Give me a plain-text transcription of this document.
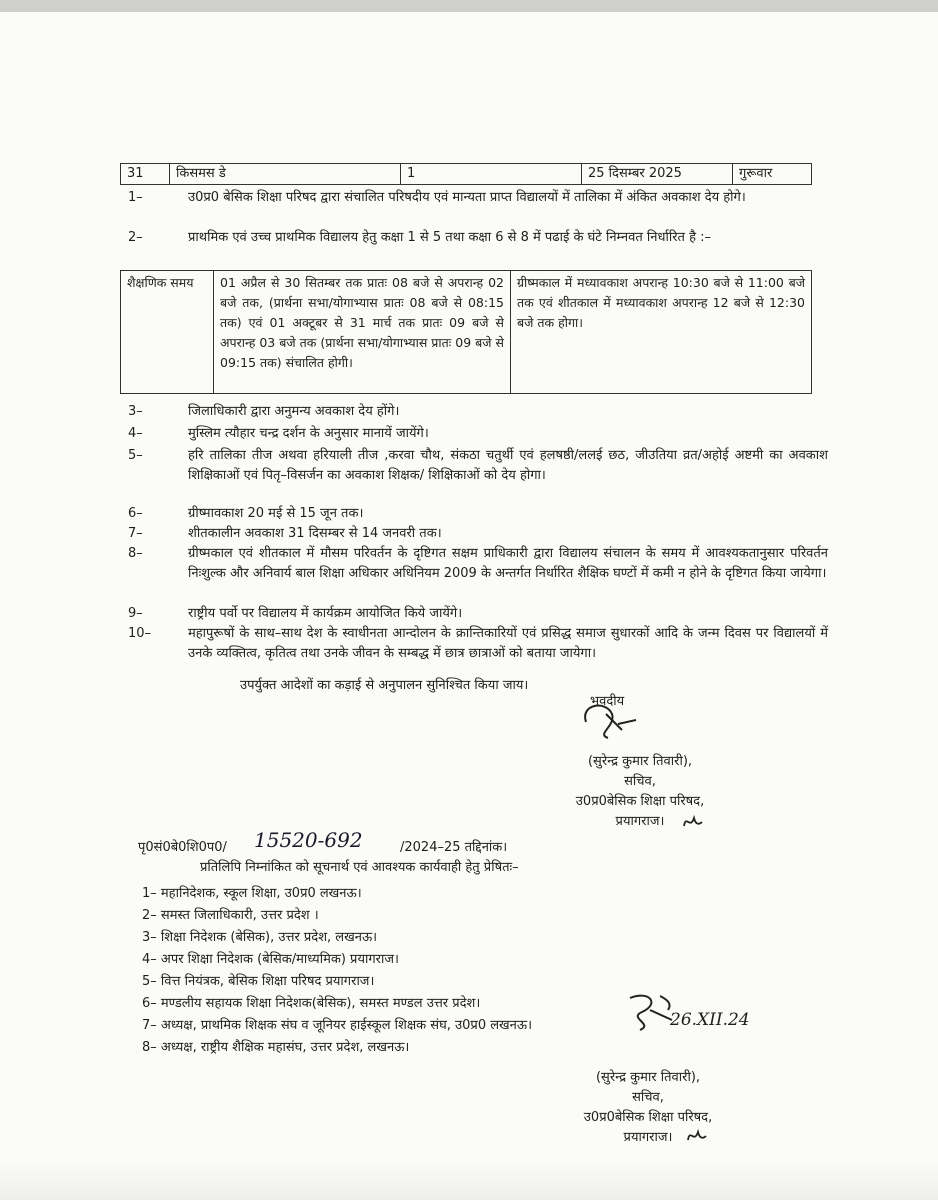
31	किसमस डे	1	25 दिसम्बर 2025	गुरूवार
1–	उ0प्र0 बेसिक शिक्षा परिषद द्वारा संचालित परिषदीय एवं मान्यता प्राप्त विद्यालयों में तालिका में अंकित अवकाश देय होगे।
2–	प्राथमिक एवं उच्च प्राथमिक विद्यालय हेतु कक्षा 1 से 5 तथा कक्षा 6 से 8 में पढाई के घंटे निम्नवत निर्धारित है :–
शैक्षणिक समय	01 अप्रैल से 30 सितम्बर तक प्रातः 08 बजे से अपरान्ह 02 बजे तक, (प्रार्थना सभा/योगाभ्यास प्रातः 08 बजे से 08:15 तक) एवं 01 अक्टूबर से 31 मार्च तक प्रातः 09 बजे से अपरान्ह 03 बजे तक (प्रार्थना सभा/योगाभ्यास प्रातः 09 बजे से 09:15 तक) संचालित होगी।	ग्रीष्मकाल में मध्यावकाश अपरान्ह 10:30 बजे से 11:00 बजे तक एवं शीतकाल में मध्यावकाश अपरान्ह 12 बजे से 12:30 बजे तक होगा।
3–	जिलाधिकारी द्वारा अनुमन्य अवकाश देय होंगे।
4–	मुस्लिम त्यौहार चन्द्र दर्शन के अनुसार मानायें जायेंगे।
5–	हरि तालिका तीज अथवा हरियाली तीज ,करवा चौथ, संकठा चतुर्थी एवं हलषष्ठी/ललई छठ, जीउतिया व्रत/अहोई अष्टमी का अवकाश शिक्षिकाओं एवं पितृ–विसर्जन का अवकाश शिक्षक/ शिक्षिकाओं को देय होगा।
6–	ग्रीष्मावकाश 20 मई से 15 जून तक।
7–	शीतकालीन अवकाश 31 दिसम्बर से 14 जनवरी तक।
8–	ग्रीष्मकाल एवं शीतकाल में मौसम परिवर्तन के दृष्टिगत सक्षम प्राधिकारी द्वारा विद्यालय संचालन के समय में आवश्यकतानुसार परिवर्तन निःशुल्क और अनिवार्य बाल शिक्षा अधिकार अधिनियम 2009 के अन्तर्गत निर्धारित शैक्षिक घण्टों में कमी न होने के दृष्टिगत किया जायेगा।
9–	राष्ट्रीय पर्वो पर विद्यालय में कार्यक्रम आयोजित किये जायेंगे।
10–	महापुरूषों के साथ–साथ देश के स्वाधीनता आन्दोलन के क्रान्तिकारियों एवं प्रसिद्ध समाज सुधारकों आदि के जन्म दिवस पर विद्यालयों में उनके व्यक्तित्व, कृतित्व तथा उनके जीवन के सम्बद्ध में छात्र छात्राओं को बताया जायेगा।
उपर्युक्त आदेशों का कड़ाई से अनुपालन सुनिश्चित किया जाय।
भवदीय
(सुरेन्द्र कुमार तिवारी),
सचिव,
उ0प्र0बेसिक शिक्षा परिषद,
प्रयागराज।
पृ0सं0बे0शि0प0/ 15520-692	/2024–25 तद्दिनांक।
प्रतिलिपि निम्नांकित को सूचनार्थ एवं आवश्यक कार्यवाही हेतु प्रेषितः–
1– महानिदेशक, स्कूल शिक्षा, उ0प्र0 लखनऊ।
2– समस्त जिलाधिकारी, उत्तर प्रदेश ।
3– शिक्षा निदेशक (बेसिक), उत्तर प्रदेश, लखनऊ।
4– अपर शिक्षा निदेशक (बेसिक/माध्यमिक) प्रयागराज।
5– वित्त नियंत्रक, बेसिक शिक्षा परिषद प्रयागराज।
6– मण्डलीय सहायक शिक्षा निदेशक(बेसिक), समस्त मण्डल उत्तर प्रदेश।
7– अध्यक्ष, प्राथमिक शिक्षक संघ व जूनियर हाईस्कूल शिक्षक संघ, उ0प्र0 लखनऊ।
8– अध्यक्ष, राष्ट्रीय शैक्षिक महासंघ, उत्तर प्रदेश, लखनऊ।
26.XII.24
(सुरेन्द्र कुमार तिवारी),
सचिव,
उ0प्र0बेसिक शिक्षा परिषद,
प्रयागराज।
